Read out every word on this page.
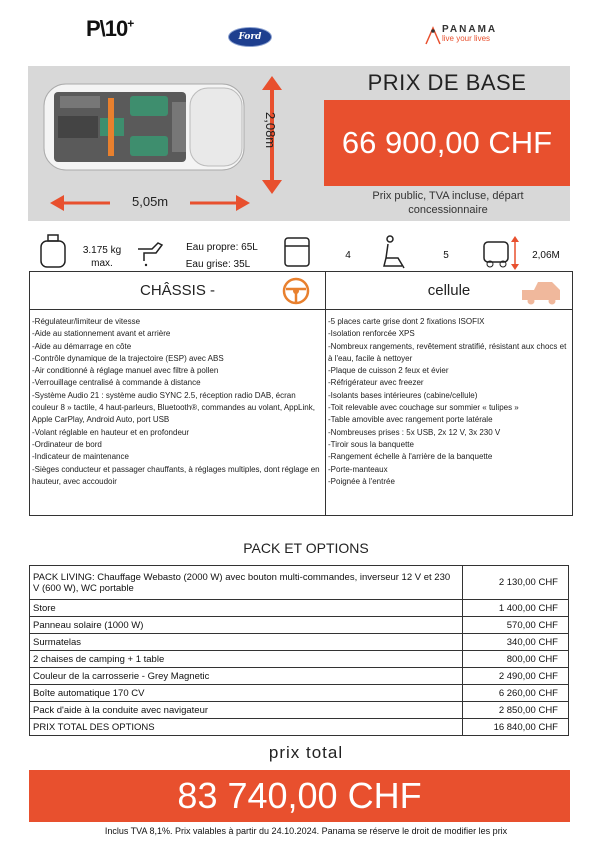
P\10+
Ford
PANAMA
live your lives
2,08m
5,05m
PRIX DE BASE
66 900,00 CHF
Prix public, TVA incluse, départ concessionnaire
3.175 kg max.
Eau propre: 65L
Eau grise: 35L
4	5	2,06M
CHÂSSIS -	cellule
-Régulateur/limiteur de vitesse
-Aide au stationnement avant et arrière
-Aide au démarrage en côte
-Contrôle dynamique de la trajectoire (ESP) avec ABS
-Air conditionné à réglage manuel avec filtre à pollen
-Verrouillage centralisé à commande à distance
-Système Audio 21 : système audio SYNC 2.5, réception radio DAB, écran couleur 8 » tactile, 4 haut-parleurs, Bluetooth®, commandes au volant, AppLink, Apple CarPlay, Android Auto, port USB
-Volant réglable en hauteur et en profondeur
-Ordinateur de bord
-Indicateur de maintenance
-Sièges conducteur et passager chauffants, à réglages multiples, dont réglage en hauteur, avec accoudoir
-5 places carte grise dont 2 fixations ISOFIX
-Isolation renforcée XPS
-Nombreux rangements, revêtement stratifié, résistant aux chocs et à l'eau, facile à nettoyer
-Plaque de cuisson 2 feux et évier
-Réfrigérateur avec freezer
-Isolants bases intérieures (cabine/cellule)
-Toit relevable avec couchage sur sommier « tulipes »
-Table amovible avec rangement porte latérale
-Nombreuses prises : 5x USB, 2x 12 V, 3x 230 V
-Tiroir sous la banquette
-Rangement échelle à l'arrière de la banquette
-Porte-manteaux
-Poignée à l'entrée
PACK ET OPTIONS
PACK LIVING: Chauffage Webasto (2000 W) avec bouton multi-commandes, inverseur 12 V et 230 V (600 W), WC portable	2 130,00 CHF
Store	1 400,00 CHF
Panneau solaire (1000 W)	570,00 CHF
Surmatelas	340,00 CHF
2 chaises de camping + 1 table	800,00 CHF
Couleur de la carrosserie - Grey Magnetic	2 490,00 CHF
Boîte automatique 170 CV	6 260,00 CHF
Pack d'aide à la conduite avec navigateur	2 850,00 CHF
PRIX TOTAL DES OPTIONS	16 840,00 CHF
prix total
83 740,00 CHF
Inclus TVA 8,1%. Prix valables à partir du 24.10.2024. Panama se réserve le droit de modifier les prix
